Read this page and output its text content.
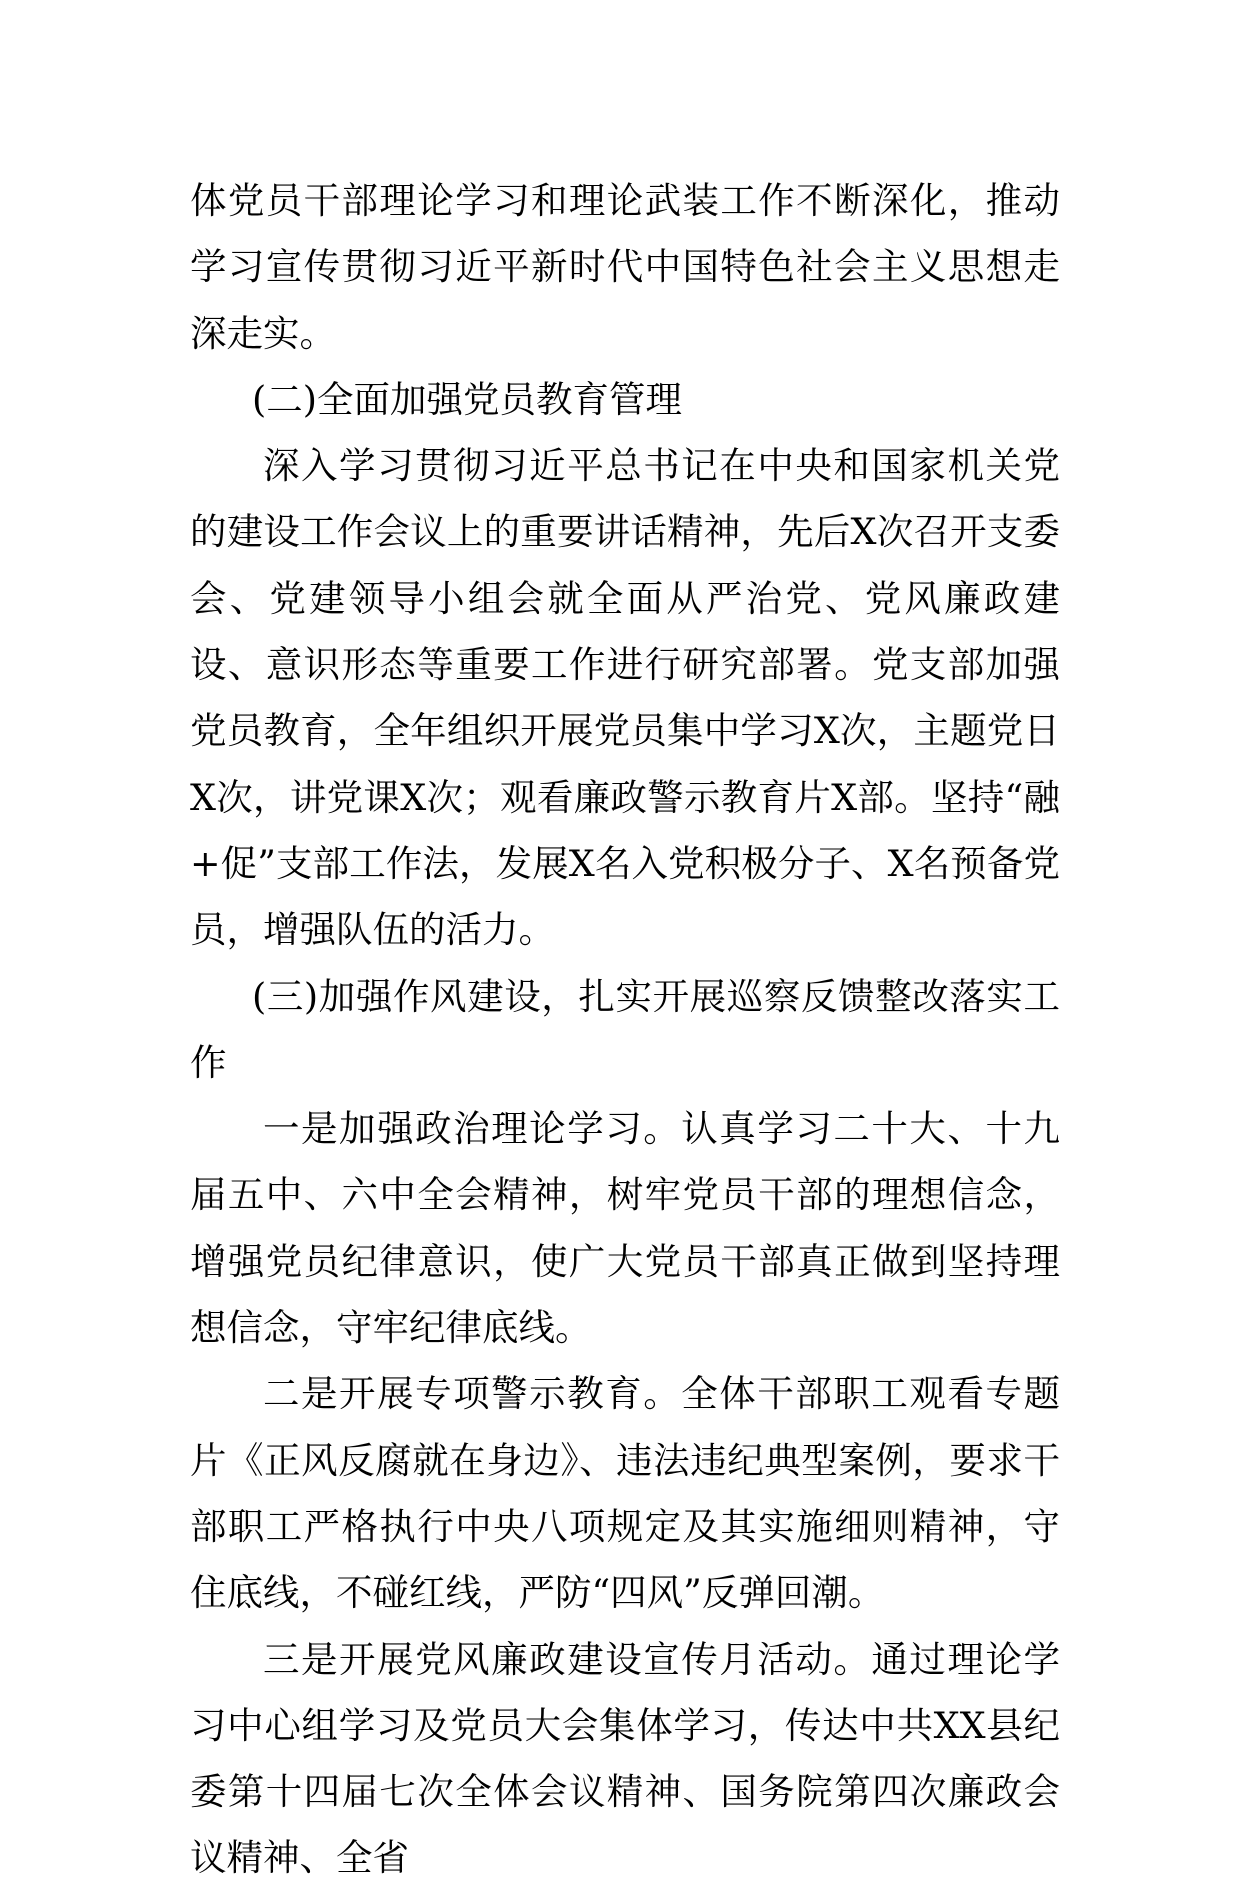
体党员干部理论学习和理论武装工作不断深化，推动学习宣传贯彻习近平新时代中国特色社会主义思想走深走实。

(二)全面加强党员教育管理

深入学习贯彻习近平总书记在中央和国家机关党的建设工作会议上的重要讲话精神，先后X次召开支委会、党建领导小组会就全面从严治党、党风廉政建设、意识形态等重要工作进行研究部署。党支部加强党员教育，全年组织开展党员集中学习X次，主题党日X次，讲党课X次；观看廉政警示教育片X部。坚持“融+促”支部工作法，发展X名入党积极分子、X名预备党员，增强队伍的活力。

(三)加强作风建设，扎实开展巡察反馈整改落实工作

一是加强政治理论学习。认真学习二十大、十九届五中、六中全会精神，树牢党员干部的理想信念，增强党员纪律意识，使广大党员干部真正做到坚持理想信念，守牢纪律底线。

二是开展专项警示教育。全体干部职工观看专题片《正风反腐就在身边》、违法违纪典型案例，要求干部职工严格执行中央八项规定及其实施细则精神，守住底线，不碰红线，严防“四风”反弹回潮。

三是开展党风廉政建设宣传月活动。通过理论学习中心组学习及党员大会集体学习，传达中共XX县纪委第十四届七次全体会议精神、国务院第四次廉政会议精神、全省
